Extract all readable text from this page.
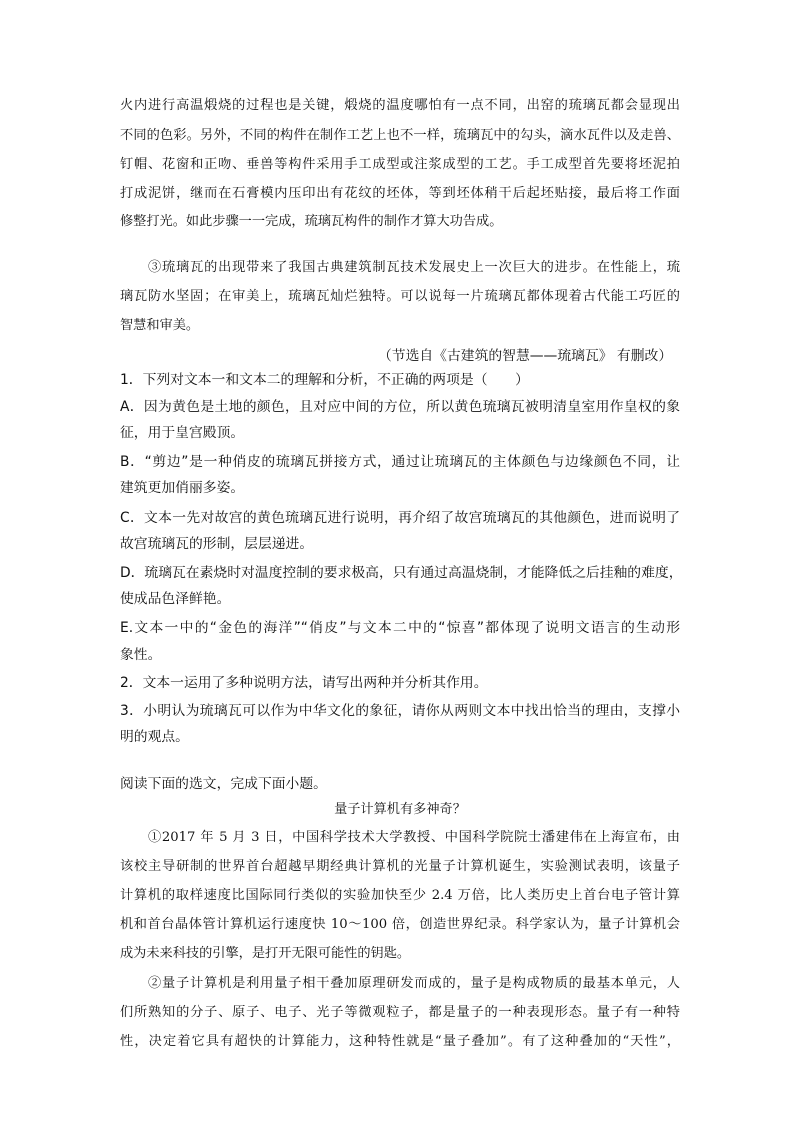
火内进行高温煅烧的过程也是关键，煅烧的温度哪怕有一点不同，出窑的琉璃瓦都会显现出
不同的色彩。另外，不同的构件在制作工艺上也不一样，琉璃瓦中的勾头，滴水瓦件以及走兽、
钉帽、花窗和正吻、垂兽等构件采用手工成型或注浆成型的工艺。手工成型首先要将坯泥拍
打成泥饼，继而在石膏模内压印出有花纹的坯体，等到坯体稍干后起坯贴接，最后将工作面
修整打光。如此步骤一一完成，琉璃瓦构件的制作才算大功告成。
③琉璃瓦的出现带来了我国古典建筑制瓦技术发展史上一次巨大的进步。在性能上，琉
璃瓦防水坚固；在审美上，琉璃瓦灿烂独特。可以说每一片琉璃瓦都体现着古代能工巧匠的
智慧和审美。
（节选自《古建筑的智慧——琉璃瓦》 有删改）
1．下列对文本一和文本二的理解和分析，不正确的两项是（　　）
A．因为黄色是土地的颜色，且对应中间的方位，所以黄色琉璃瓦被明清皇室用作皇权的象
征，用于皇宫殿顶。
B．“剪边”是一种俏皮的琉璃瓦拼接方式，通过让琉璃瓦的主体颜色与边缘颜色不同，让
建筑更加俏丽多姿。
C．文本一先对故宫的黄色琉璃瓦进行说明，再介绍了故宫琉璃瓦的其他颜色，进而说明了
故宫琉璃瓦的形制，层层递进。
D．琉璃瓦在素烧时对温度控制的要求极高，只有通过高温烧制，才能降低之后挂釉的难度，
使成品色泽鲜艳。
E.文本一中的“金色的海洋”“俏皮”与文本二中的“惊喜”都体现了说明文语言的生动形
象性。
2．文本一运用了多种说明方法，请写出两种并分析其作用。
3．小明认为琉璃瓦可以作为中华文化的象征，请你从两则文本中找出恰当的理由，支撑小
明的观点。
阅读下面的选文，完成下面小题。
量子计算机有多神奇？
①2017 年 5 月 3 日，中国科学技术大学教授、中国科学院院士潘建伟在上海宣布，由
该校主导研制的世界首台超越早期经典计算机的光量子计算机诞生，实验测试表明，该量子
计算机的取样速度比国际同行类似的实验加快至少 2.4 万倍，比人类历史上首台电子管计算
机和首台晶体管计算机运行速度快 10～100 倍，创造世界纪录。科学家认为，量子计算机会
成为未来科技的引擎，是打开无限可能性的钥匙。
②量子计算机是利用量子相干叠加原理研发而成的，量子是构成物质的最基本单元，人
们所熟知的分子、原子、电子、光子等微观粒子，都是量子的一种表现形态。量子有一种特
性，决定着它具有超快的计算能力，这种特性就是“量子叠加”。有了这种叠加的“天性”，
